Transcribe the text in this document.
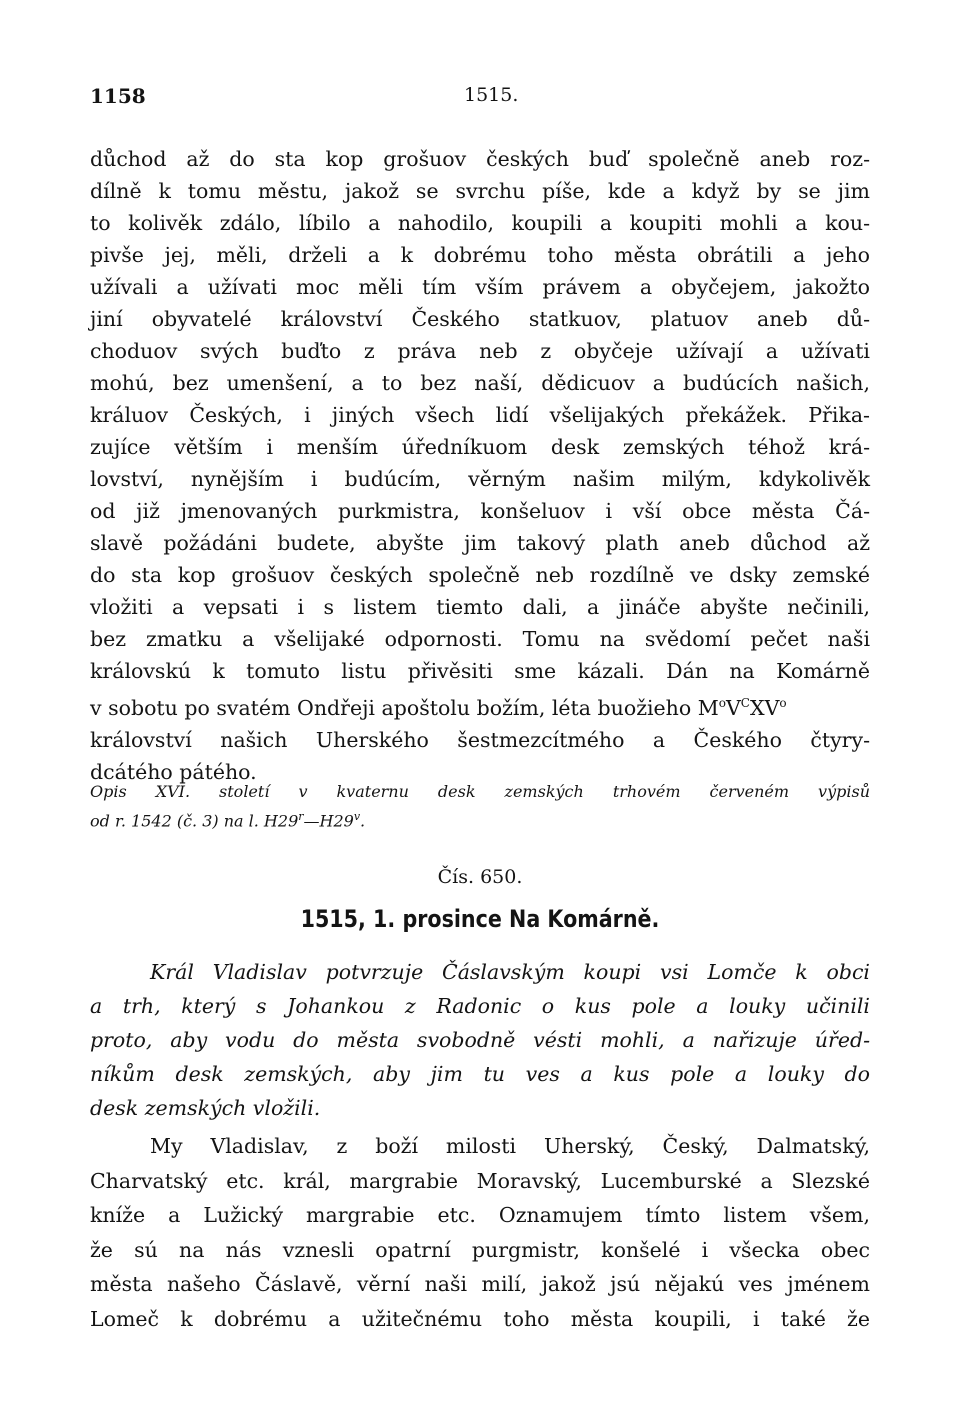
1158	1515.
důchod až do sta kop grošuov českých buď společně aneb roz-
dílně k tomu městu, jakož se svrchu píše, kde a když by se jim
to kolivěk zdálo, líbilo a nahodilo, koupili a koupiti mohli a kou-
pivše jej, měli, drželi a k dobrému toho města obrátili a jeho
užívali a užívati moc měli tím vším právem a obyčejem, jakožto
jiní obyvatelé království Českého statkuov, platuov aneb dů-
choduov svých buďto z práva neb z obyčeje užívají a užívati
mohú, bez umenšení, a to bez naší, dědicuov a budúcích našich,
králuov Českých, i jiných všech lidí všelijakých překážek. Přika-
zujíce větším i menším úředníkuom desk zemských téhož krá-
lovství, nynějším i budúcím, věrným našim milým, kdykolivěk
od již jmenovaných purkmistra, konšeluov i vší obce města Čá-
slavě požádáni budete, abyšte jim takový plath aneb důchod až
do sta kop grošuov českých společně neb rozdílně ve dsky zemské
vložiti a vepsati i s listem tiemto dali, a jináče abyšte nečinili,
bez zmatku a všelijaké odpornosti. Tomu na svědomí pečet naši
královskú k tomuto listu přivěsiti sme kázali. Dán na Komárně
v sobotu po svatém Ondřeji apoštolu božím, léta buožieho $M^oV^CXV^o$
království našich Uherského šestmezcítmého a Českého čtyry-
dcátého pátého.
Opis XVI. století v kvaternu desk zemských trhovém červeném výpisů
od r. 1542 (č. 3) na l. H29$^r$—H29$^v$.
Čís. 650.
1515, 1. prosince Na Komárně.
Král Vladislav potvrzuje Čáslavským koupi vsi Lomče k obci
a trh, který s Johankou z Radonic o kus pole a louky učinili
proto, aby vodu do města svobodně vésti mohli, a nařizuje úřed-
níkům desk zemských, aby jim tu ves a kus pole a louky do
desk zemských vložili.
My Vladislav, z boží milosti Uherský, Český, Dalmatský,
Charvatský etc. král, margrabie Moravský, Lucemburské a Slezské
kníže a Lužický margrabie etc. Oznamujem tímto listem všem,
že sú na nás vznesli opatrní purgmistr, konšelé i všecka obec
města našeho Čáslavě, věrní naši milí, jakož jsú nějakú ves jménem
Lomeč k dobrému a užitečnému toho města koupili, i také že
